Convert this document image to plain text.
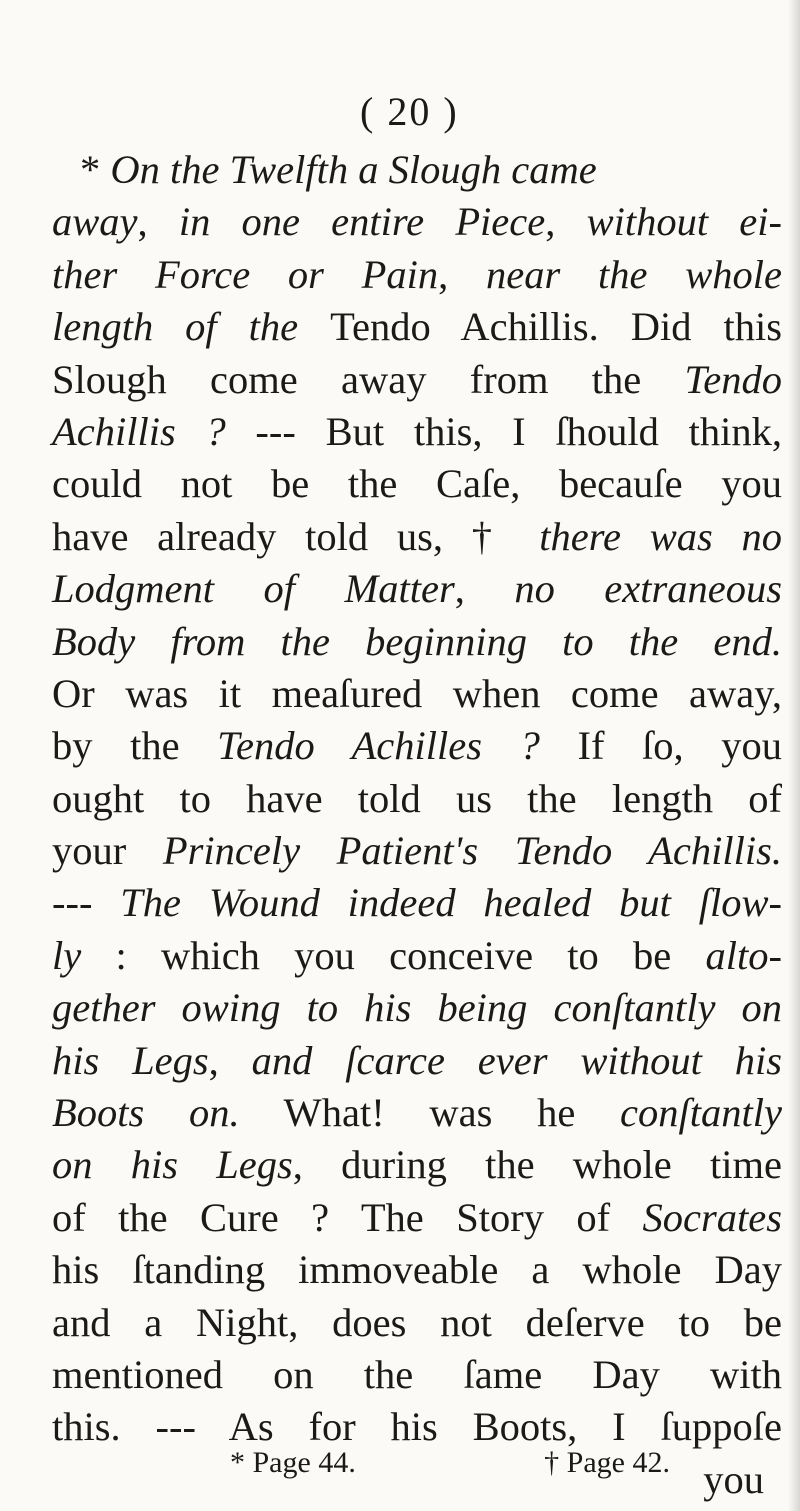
( 20 )
* On the Twelfth a Slough came
away, in one entire Piece, without ei-
ther Force or Pain, near the whole
length of the Tendo Achillis. Did this
Slough come away from the Tendo
Achillis ? --- But this, I ſhould think,
could not be the Caſe, becauſe you
have already told us, † there was no
Lodgment of Matter, no extraneous
Body from the beginning to the end.
Or was it meaſured when come away,
by the Tendo Achilles ? If ſo, you
ought to have told us the length of
your Princely Patient's Tendo Achillis.
--- The Wound indeed healed but ſlow-
ly : which you conceive to be alto-
gether owing to his being conſtantly on
his Legs, and ſcarce ever without his
Boots on. What! was he conſtantly
on his Legs, during the whole time
of the Cure ? The Story of Socrates
his ſtanding immoveable a whole Day
and a Night, does not deſerve to be
mentioned on the ſame Day with
this. --- As for his Boots, I ſuppoſe
you
* Page 44.	† Page 42.
